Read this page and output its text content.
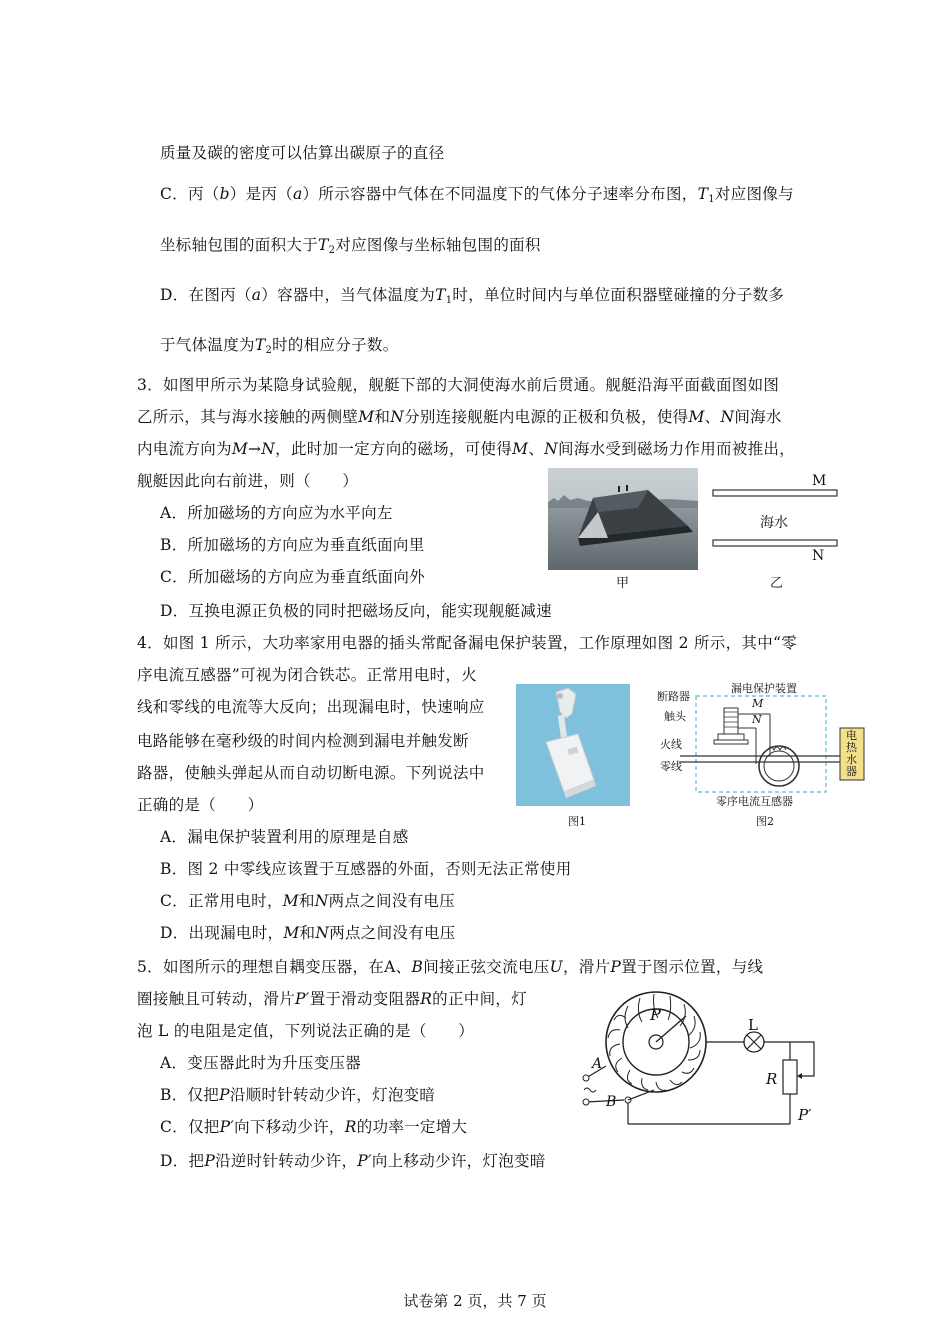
质量及碳的密度可以估算出碳原子的直径
C．丙（b）是丙（a）所示容器中气体在不同温度下的气体分子速率分布图，$T_1$对应图像与
坐标轴包围的面积大于$T_2$对应图像与坐标轴包围的面积
D．在图丙（a）容器中，当气体温度为$T_1$时，单位时间内与单位面积器壁碰撞的分子数多
于气体温度为$T_2$时的相应分子数。
3．如图甲所示为某隐身试验舰，舰艇下部的大洞使海水前后贯通。舰艇沿海平面截面图如图
乙所示，其与海水接触的两侧壁M和N分别连接舰艇内电源的正极和负极，使得M、N间海水
内电流方向为M→N，此时加一定方向的磁场，可使得M、N间海水受到磁场力作用而被推出，
舰艇因此向右前进，则（　　）
A．所加磁场的方向应为水平向左
B．所加磁场的方向应为垂直纸面向里
C．所加磁场的方向应为垂直纸面向外
D．互换电源正负极的同时把磁场反向，能实现舰艇减速
甲
M
N
海水
乙
4．如图 1 所示，大功率家用电器的插头常配备漏电保护装置，工作原理如图 2 所示，其中“零
序电流互感器”可视为闭合铁芯。正常用电时，火
线和零线的电流等大反向；出现漏电时，快速响应
电路能够在毫秒级的时间内检测到漏电并触发断
路器，使触头弹起从而自动切断电源。下列说法中
正确的是（　　）
A．漏电保护装置利用的原理是自感
B．图 2 中零线应该置于互感器的外面，否则无法正常使用
C．正常用电时，M和N两点之间没有电压
D．出现漏电时，M和N两点之间没有电压
图1
漏电保护装置
断路器
触头
M
N
火线
零线
零序电流互感器
电热水器
图2
5．如图所示的理想自耦变压器，在A、B间接正弦交流电压U，滑片P置于图示位置，与线
圈接触且可转动，滑片P′置于滑动变阻器R的正中间，灯
泡 L 的电阻是定值，下列说法正确的是（　　）
A．变压器此时为升压变压器
B．仅把P沿顺时针转动少许，灯泡变暗
C．仅把P′向下移动少许，R的功率一定增大
D．把P沿逆时针转动少许，P′向上移动少许，灯泡变暗
P
L
R
P′
A
B
试卷第 2 页，共 7 页
